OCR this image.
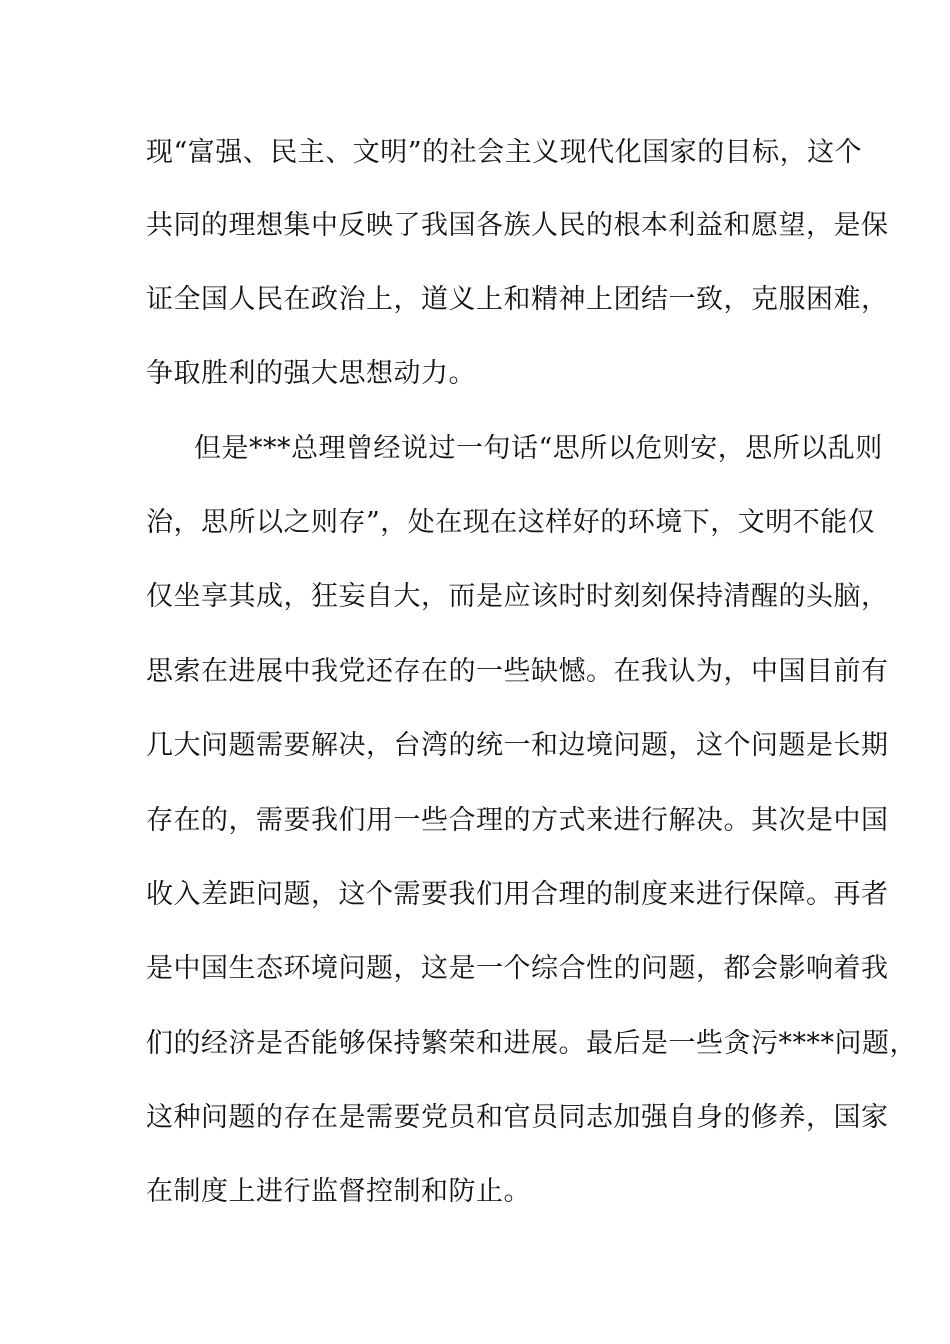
现“富强、民主、文明”的社会主义现代化国家的目标，这个
共同的理想集中反映了我国各族人民的根本利益和愿望，是保
证全国人民在政治上，道义上和精神上团结一致，克服困难，
争取胜利的强大思想动力。
但是***总理曾经说过一句话“思所以危则安，思所以乱则
治，思所以之则存”，处在现在这样好的环境下，文明不能仅
仅坐享其成，狂妄自大，而是应该时时刻刻保持清醒的头脑，
思索在进展中我党还存在的一些缺憾。在我认为，中国目前有
几大问题需要解决，台湾的统一和边境问题，这个问题是长期
存在的，需要我们用一些合理的方式来进行解决。其次是中国
收入差距问题，这个需要我们用合理的制度来进行保障。再者
是中国生态环境问题，这是一个综合性的问题，都会影响着我
们的经济是否能够保持繁荣和进展。最后是一些贪污****问题，
这种问题的存在是需要党员和官员同志加强自身的修养，国家
在制度上进行监督控制和防止。
